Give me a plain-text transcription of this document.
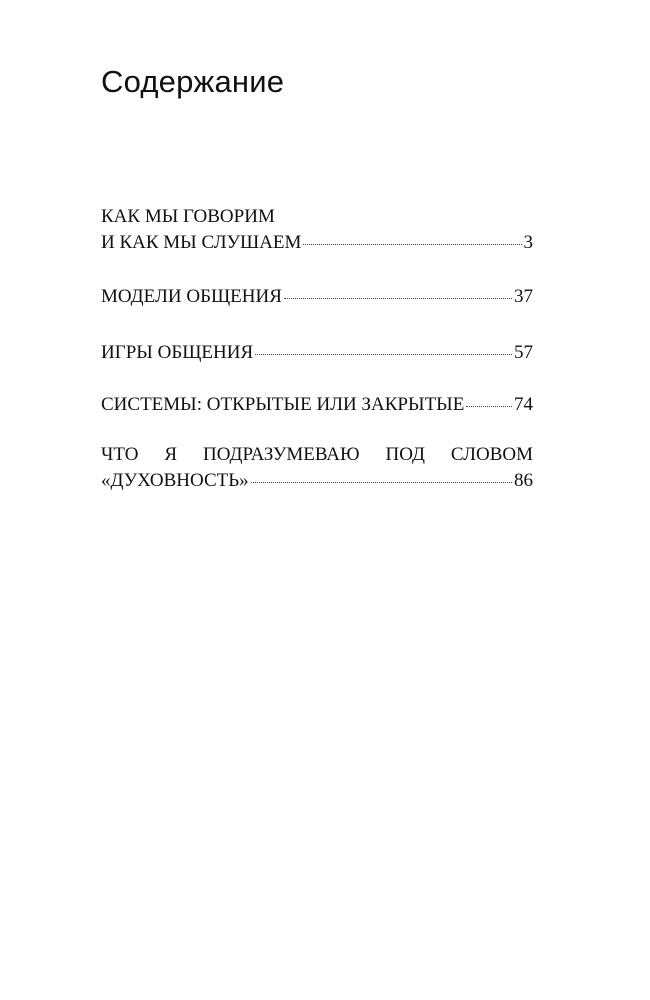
Содержание
КАК МЫ ГОВОРИМ
И КАК МЫ СЛУШАЕМ	3
МОДЕЛИ ОБЩЕНИЯ	37
ИГРЫ ОБЩЕНИЯ	57
СИСТЕМЫ: ОТКРЫТЫЕ ИЛИ ЗАКРЫТЫЕ	74
ЧТО Я ПОДРАЗУМЕВАЮ ПОД СЛОВОМ
«ДУХОВНОСТЬ»	86
